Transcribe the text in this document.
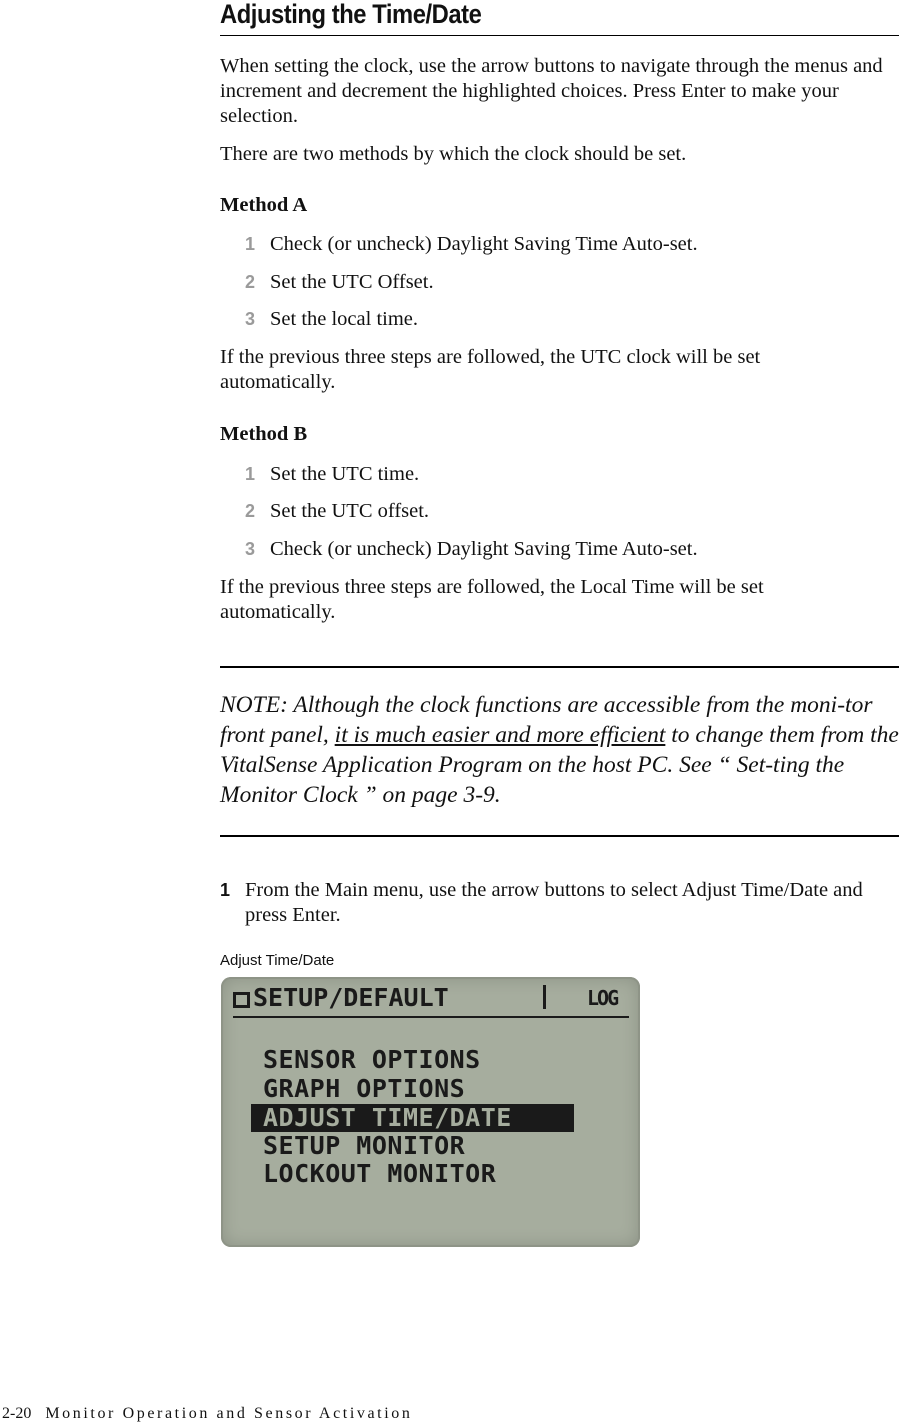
Adjusting the Time/Date

When setting the clock, use the arrow buttons to navigate through the menus and increment and decrement the highlighted choices. Press Enter to make your selection.

There are two methods by which the clock should be set.

Method A

1 Check (or uncheck) Daylight Saving Time Auto-set.

2 Set the UTC Offset.

3 Set the local time.

If the previous three steps are followed, the UTC clock will be set automatically.

Method B

1 Set the UTC time.

2 Set the UTC offset.

3 Check (or uncheck) Daylight Saving Time Auto-set.

If the previous three steps are followed, the Local Time will be set automatically.

NOTE: Although the clock functions are accessible from the moni-tor front panel, it is much easier and more efficient to change them from the VitalSense Application Program on the host PC. See “ Set-ting the Monitor Clock ” on page 3-9.

1 From the Main menu, use the arrow buttons to select Adjust Time/Date and press Enter.

Adjust Time/Date

SETUP/DEFAULT	LOG
SENSOR OPTIONS
GRAPH OPTIONS
ADJUST TIME/DATE
SETUP MONITOR
LOCKOUT MONITOR

2-20 Monitor Operation and Sensor Activation
